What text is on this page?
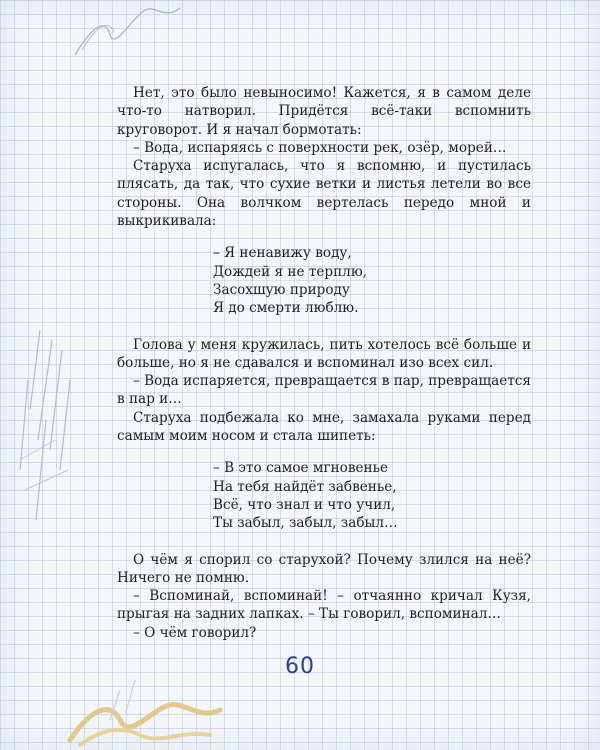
Нет, это было невыносимо! Кажется, я в самом деле что-то натворил. Придётся всё-таки вспомнить круговорот. И я начал бормотать:

– Вода, испаряясь с поверхности рек, озёр, морей…

Старуха испугалась, что я вспомню, и пустилась плясать, да так, что сухие ветки и листья летели во все стороны. Она волчком вертелась передо мной и выкрикивала:

– Я ненавижу воду,
Дождей я не терплю,
Засохшую природу
Я до смерти люблю.

Голова у меня кружилась, пить хотелось всё больше и больше, но я не сдавался и вспоминал изо всех сил.

– Вода испаряется, превращается в пар, превращается в пар и…

Старуха подбежала ко мне, замахала руками перед самым моим носом и стала шипеть:

– В это самое мгновенье
На тебя найдёт забвенье,
Всё, что знал и что учил,
Ты забыл, забыл, забыл…

О чём я спорил со старухой? Почему злился на неё? Ничего не помню.

– Вспоминай, вспоминай! – отчаянно кричал Кузя, прыгая на задних лапках. – Ты говорил, вспоминал…

– О чём говорил?

60
